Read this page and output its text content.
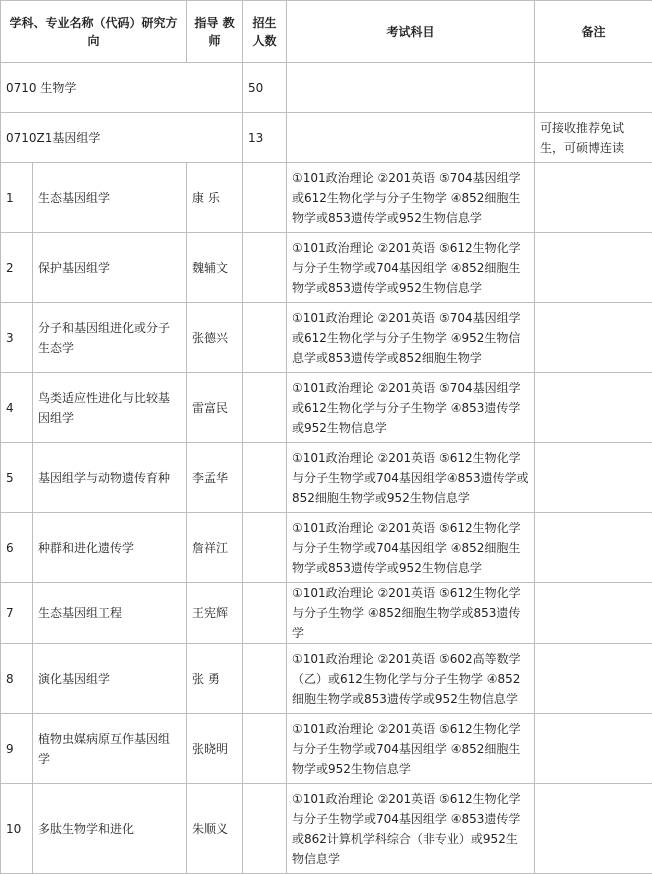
学科、专业名称（代码）研究方向		指导 教师	招生人数	考试科目	备注
0710 生物学			50		
0710Z1基因组学			13		可接收推荐免试生，可硕博连读
1	生态基因组学	康 乐		①101政治理论 ②201英语 ⑤704基因组学或612生物化学与分子生物学 ④852细胞生物学或853遗传学或952生物信息学	
2	保护基因组学	魏辅文		①101政治理论 ②201英语 ⑤612生物化学与分子生物学或704基因组学 ④852细胞生物学或853遗传学或952生物信息学	
3	分子和基因组进化或分子生态学	张德兴		①101政治理论 ②201英语 ⑤704基因组学或612生物化学与分子生物学 ④952生物信息学或853遗传学或852细胞生物学	
4	鸟类适应性进化与比较基因组学	雷富民		①101政治理论 ②201英语 ⑤704基因组学或612生物化学与分子生物学 ④853遗传学或952生物信息学	
5	基因组学与动物遗传育种	李孟华		①101政治理论 ②201英语 ⑤612生物化学与分子生物学或704基因组学④853遗传学或852细胞生物学或952生物信息学	
6	种群和进化遗传学	詹祥江		①101政治理论 ②201英语 ⑤612生物化学与分子生物学或704基因组学 ④852细胞生物学或853遗传学或952生物信息学	
7	生态基因组工程	王宪辉		①101政治理论 ②201英语 ⑤612生物化学与分子生物学 ④852细胞生物学或853遗传学	
8	演化基因组学	张 勇		①101政治理论 ②201英语 ⑤602高等数学（乙）或612生物化学与分子生物学 ④852细胞生物学或853遗传学或952生物信息学	
9	植物虫媒病原互作基因组学	张晓明		①101政治理论 ②201英语 ⑤612生物化学与分子生物学或704基因组学 ④852细胞生物学或952生物信息学	
10	多肽生物学和进化	朱顺义		①101政治理论 ②201英语 ⑤612生物化学与分子生物学或704基因组学 ④853遗传学或862计算机学科综合（非专业）或952生物信息学	
